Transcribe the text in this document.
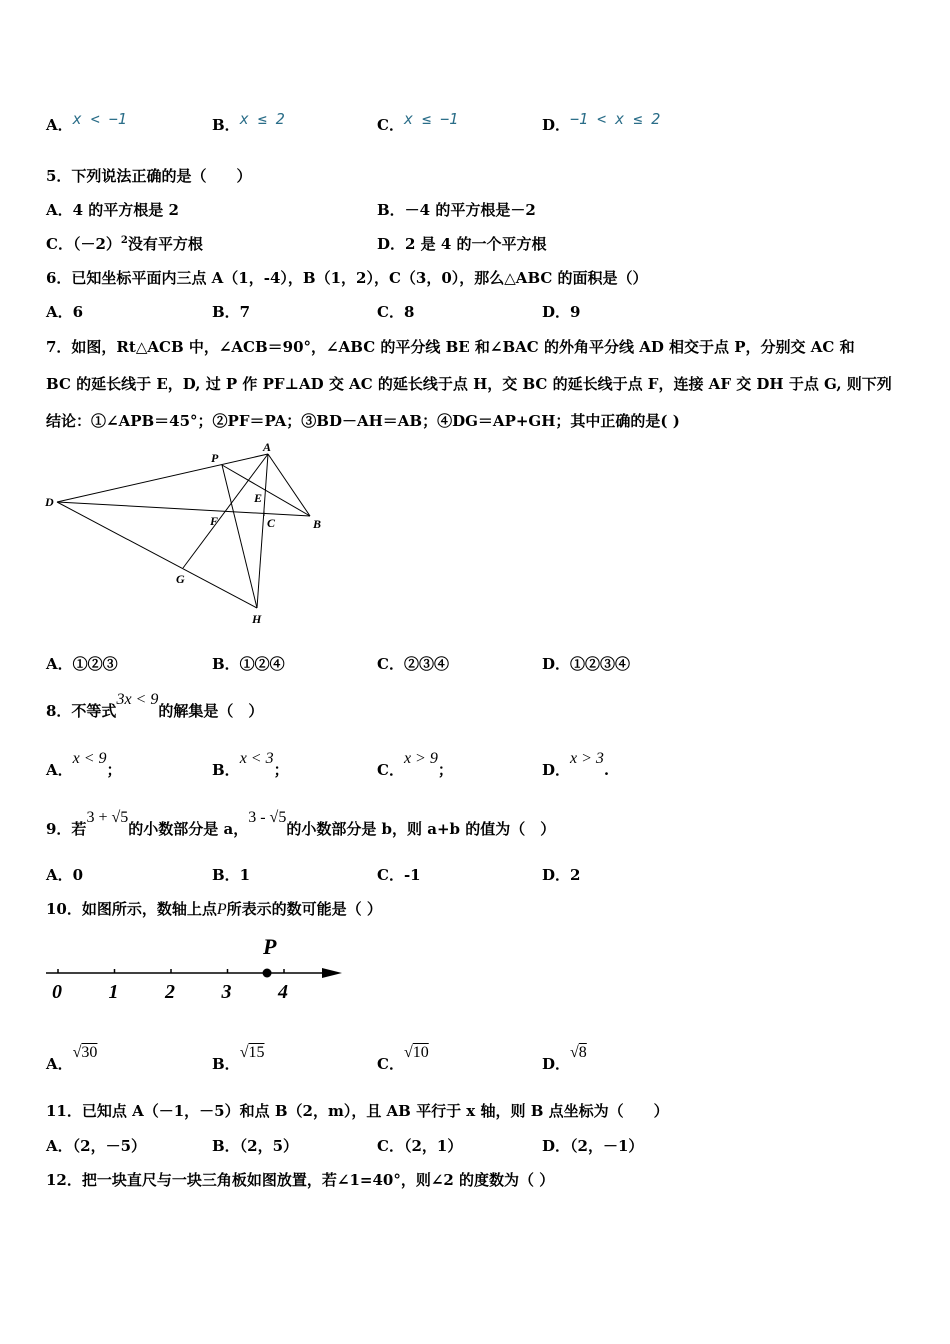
A．x < −1	B．x ≤ 2	C．x ≤ −1	D．−1 < x ≤ 2
5．下列说法正确的是（　　）
A．4 的平方根是 2	B．－4 的平方根是－2
C．$(-2)^2$没有平方根	D．2 是 4 的一个平方根
6．已知坐标平面内三点 A（1，-4），B（1，2），C（3，0），那么△ABC 的面积是（）
A．6	B．7	C．8	D．9
7．如图，Rt△ACB 中，∠ACB＝90°，∠ABC 的平分线 BE 和∠BAC 的外角平分线 AD 相交于点 P，分别交 AC 和
BC 的延长线于 E，D, 过 P 作 PF⊥AD 交 AC 的延长线于点 H，交 BC 的延长线于点 F，连接 AF 交 DH 于点 G, 则下列
结论：①∠APB＝45°；②PF＝PA；③BD－AH＝AB；④DG＝AP+GH；其中正确的是( )
P
A
D	E
F	C	B
G
H
A．①②③	B．①②④	C．②③④	D．①②③④
8．不等式3x < 9的解集是（　）
A．x < 9；	B．x < 3；	C．x > 9；	D．x > 3.
9．若3 + √5的小数部分是 a，3 - √5的小数部分是 b，则 a+b 的值为（　）
A．0	B．1	C．-1	D．2
10．如图所示，数轴上点P所表示的数可能是（ ）
0 1 2 3 4
P
A．√30
B．√15
C．√10
D．√8
11．已知点 A（－1，－5）和点 B（2，m），且 AB 平行于 x 轴，则 B 点坐标为（　　）
A．（2，－5）	B．（2，5）	C．（2，1）	D．（2，－1）
12．把一块直尺与一块三角板如图放置，若∠1=40°，则∠2 的度数为（ ）
